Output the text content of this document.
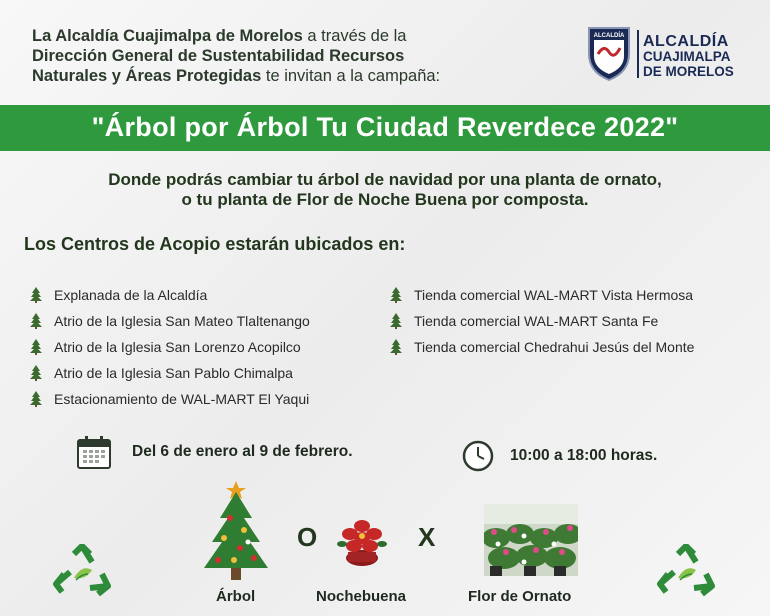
La Alcaldía Cuajimalpa de Morelos a través de la
Dirección General de Sustentabilidad Recursos
Naturales y Áreas Protegidas te invitan a la campaña:
ALCALDÍA ALCALDÍA
CUAJIMALPA
DE MORELOS
"Árbol por Árbol Tu Ciudad Reverdece 2022"
Donde podrás cambiar tu árbol de navidad por una planta de ornato,
o tu planta de Flor de Noche Buena por composta.
Los Centros de Acopio estarán ubicados en:
Explanada de la Alcaldía
Atrio de la Iglesia San Mateo Tlaltenango
Atrio de la Iglesia San Lorenzo Acopilco
Atrio de la Iglesia San Pablo Chimalpa
Estacionamiento de WAL-MART El Yaqui
Tienda comercial WAL-MART Vista Hermosa
Tienda comercial WAL-MART Santa Fe
Tienda comercial Chedrahui Jesús del Monte
Del 6 de enero al 9 de febrero.	10:00 a 18:00 horas.
O	X
Árbol	Nochebuena	Flor de Ornato
